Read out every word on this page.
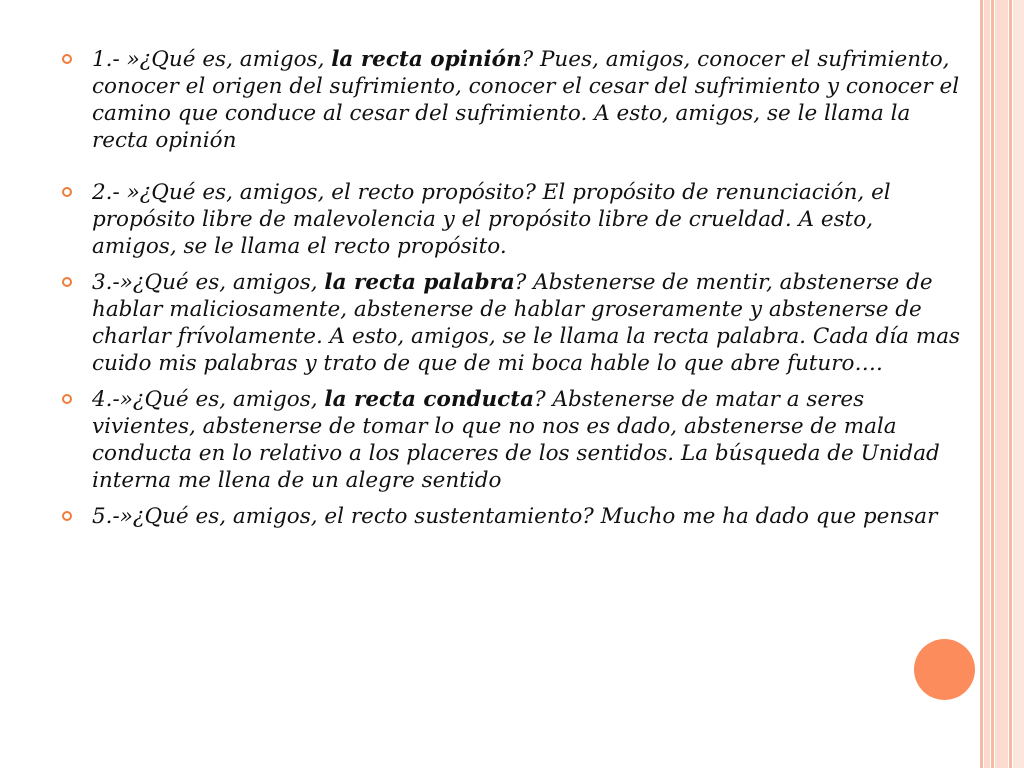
1.- »¿Qué es, amigos, la recta opinión? Pues, amigos, conocer el sufrimiento, conocer el origen del sufrimiento, conocer el cesar del sufrimiento y conocer el camino que conduce al cesar del sufrimiento. A esto, amigos, se le llama la recta opinión
2.- »¿Qué es, amigos, el recto propósito? El propósito de renunciación, el propósito libre de malevolencia y el propósito libre de crueldad. A esto, amigos, se le llama el recto propósito.
3.-»¿Qué es, amigos, la recta palabra? Abstenerse de mentir, abstenerse de hablar maliciosamente, abstenerse de hablar groseramente y abstenerse de charlar frívolamente. A esto, amigos, se le llama la recta palabra. Cada día mas cuido mis palabras y trato de que de mi boca hable lo que abre futuro….
4.-»¿Qué es, amigos, la recta conducta? Abstenerse de matar a seres vivientes, abstenerse de tomar lo que no nos es dado, abstenerse de mala conducta en lo relativo a los placeres de los sentidos. La búsqueda de Unidad interna me llena de un alegre sentido
5.-»¿Qué es, amigos, el recto sustentamiento? Mucho me ha dado que pensar
